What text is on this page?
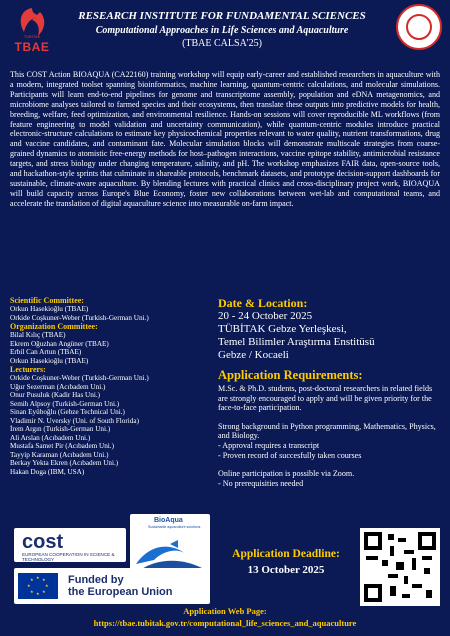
TÜBİTAK
TBAE
RESEARCH INSTITUTE FOR FUNDAMENTAL SCIENCES
Computational Approaches in Life Sciences and Aquaculture
(TBAE CALSA'25)
This COST Action BIOAQUA (CA22160) training workshop will equip early-career and established researchers in aquaculture with a modern, integrated toolset spanning bioinformatics, machine learning, quantum-centric calculations, and molecular simulations. Participants will learn end-to-end pipelines for genome and transcriptome assembly, population and eDNA metagenomics, and microbiome analyses tailored to farmed species and their ecosystems, then translate these outputs into predictive models for health, breeding, welfare, feed optimization, and environmental resilience. Hands-on sessions will cover reproducible ML workflows (from feature engineering to model validation and uncertainty communication), while quantum-centric modules introduce practical electronic-structure calculations to estimate key physicochemical properties relevant to water quality, nutrient transformations, drug and vaccine candidates, and contaminant fate. Molecular simulation blocks will demonstrate multiscale strategies from coarse-grained dynamics to atomistic free-energy methods for host–pathogen interactions, vaccine epitope stability, antimicrobial resistance targets, and stress biology under changing temperature, salinity, and pH. The workshop emphasizes FAIR data, open-source tools, and hackathon-style sprints that culminate in shareable protocols, benchmark datasets, and prototype decision-support dashboards for sustainable, climate-aware aquaculture. By blending lectures with practical clinics and cross-disciplinary project work, BIOAQUA will build capacity across Europe's Blue Economy, foster new collaborations between wet-lab and computational teams, and accelerate the translation of digital aquaculture science into measurable on-farm impact.
Scientific Committee:
Orkun Hasekioğlu (TBAE)
Orkide Coşkuner-Weber (Turkish-German Uni.)
Organization Committee:
Bilal Kılıç (TBAE)
Ekrem Oğuzhan Angüner (TBAE)
Erbil Can Artun (TBAE)
Orkun Hasekioğlu (TBAE)
Lecturers:
Orkide Coşkuner-Weber (Turkish-German Uni.)
Uğur Sezerman (Acıbadem Uni.)
Onur Pusuluk (Kadir Has Uni.)
Semih Alpsoy (Turkish-German Uni.)
Sinan Eyüboğlu (Gebze Technical Uni.)
Vladimir N. Uversky (Uni. of South Florida)
İrem Argın (Turkish-German Uni.)
Ali Arslan (Acıbadem Uni.)
Mustafa Samet Pir (Acıbadem Uni.)
Tayyip Karaman (Acıbadem Uni.)
Berkay Yekta Ekren (Acıbadem Uni.)
Hakan Doga (IBM, USA)
Date & Location:
20 - 24 October 2025
TÜBİTAK Gebze Yerleşkesi,
Temel Bilimler Araştırma Enstitüsü
Gebze / Kocaeli
Application Requirements:

M.Sc. & Ph.D. students, post-doctoral researchers in related fields are strongly encouraged to apply and will be given priority for the face-to-face participation.

Strong background in Python programming, Mathematics, Physics, and Biology.

- Approval requires a transcript

- Proven record of succesfully taken courses

Online participation is possible via Zoom.

- No prerequisities needed

cost
EUROPEAN COOPERATION IN SCIENCE & TECHNOLOGY
BioAqua
Sustainable aquaculture solutions
★ ★
★
★
★
★
★
★	Funded by
the European Union
Application Deadline:
13 October 2025
Application Web Page:
https://tbae.tubitak.gov.tr/computational_life_sciences_and_aquaculture
